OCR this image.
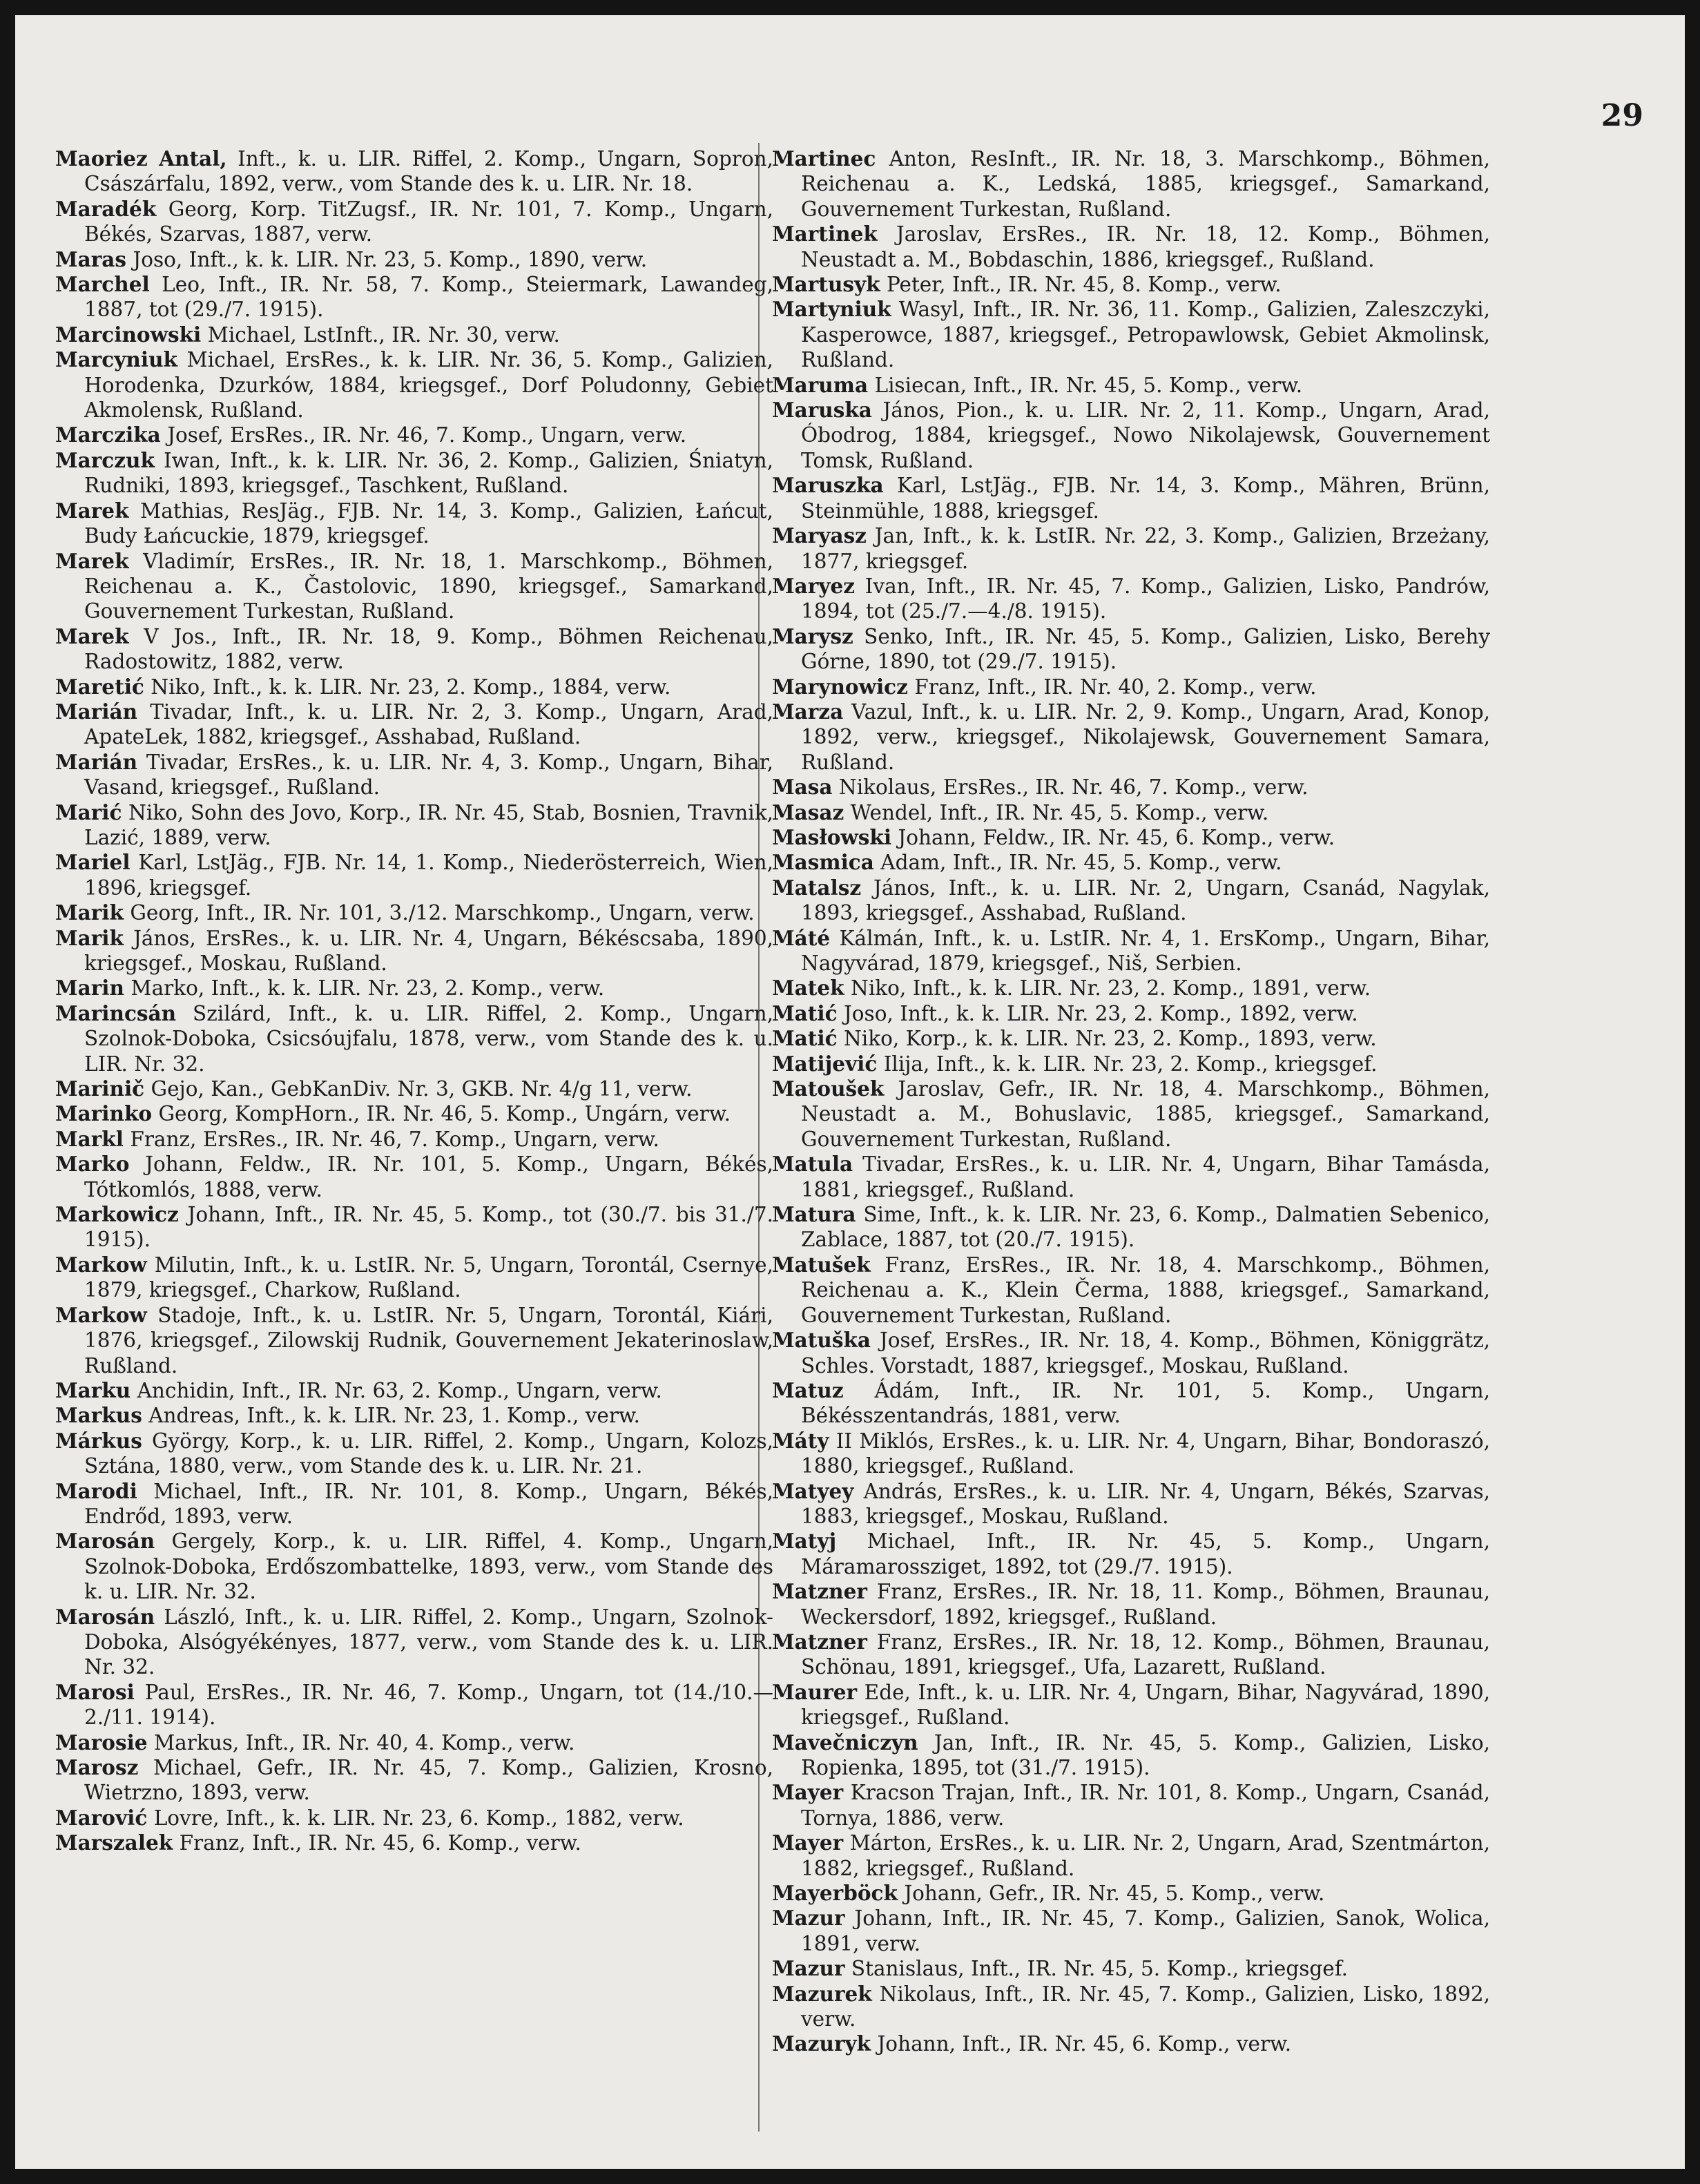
29

Maoriez Antal, Inft., k. u. LIR. Riffel, 2. Komp., Ungarn, Sopron, Császárfalu, 1892, verw., vom Stande des k. u. LIR. Nr. 18.

Maradék Georg, Korp. TitZugsf., IR. Nr. 101, 7. Komp., Ungarn, Békés, Szarvas, 1887, verw.

Maras Joso, Inft., k. k. LIR. Nr. 23, 5. Komp., 1890, verw.

Marchel Leo, Inft., IR. Nr. 58, 7. Komp., Steiermark, Lawandeg, 1887, tot (29./7. 1915).

Marcinowski Michael, LstInft., IR. Nr. 30, verw.

Marcyniuk Michael, ErsRes., k. k. LIR. Nr. 36, 5. Komp., Galizien, Horodenka, Dzurków, 1884, kriegsgef., Dorf Poludonny, Gebiet Akmolensk, Rußland.

Marczika Josef, ErsRes., IR. Nr. 46, 7. Komp., Ungarn, verw.

Marczuk Iwan, Inft., k. k. LIR. Nr. 36, 2. Komp., Galizien, Śniatyn, Rudniki, 1893, kriegsgef., Taschkent, Rußland.

Marek Mathias, ResJäg., FJB. Nr. 14, 3. Komp., Galizien, Łańcut, Budy Łańcuckie, 1879, kriegsgef.

Marek Vladimír, ErsRes., IR. Nr. 18, 1. Marschkomp., Böhmen, Reichenau a. K., Častolovic, 1890, kriegsgef., Samarkand, Gouvernement Turkestan, Rußland.

Marek V Jos., Inft., IR. Nr. 18, 9. Komp., Böhmen Reichenau, Radostowitz, 1882, verw.

Maretić Niko, Inft., k. k. LIR. Nr. 23, 2. Komp., 1884, verw.

Marián Tivadar, Inft., k. u. LIR. Nr. 2, 3. Komp., Ungarn, Arad, ApateLek, 1882, kriegsgef., Asshabad, Rußland.

Marián Tivadar, ErsRes., k. u. LIR. Nr. 4, 3. Komp., Ungarn, Bihar, Vasand, kriegsgef., Rußland.

Marić Niko, Sohn des Jovo, Korp., IR. Nr. 45, Stab, Bosnien, Travnik, Lazić, 1889, verw.

Mariel Karl, LstJäg., FJB. Nr. 14, 1. Komp., Niederösterreich, Wien, 1896, kriegsgef.

Marik Georg, Inft., IR. Nr. 101, 3./12. Marschkomp., Ungarn, verw.

Marik János, ErsRes., k. u. LIR. Nr. 4, Ungarn, Békéscsaba, 1890, kriegsgef., Moskau, Rußland.

Marin Marko, Inft., k. k. LIR. Nr. 23, 2. Komp., verw.

Marincsán Szilárd, Inft., k. u. LIR. Riffel, 2. Komp., Ungarn, Szolnok-Doboka, Csicsóujfalu, 1878, verw., vom Stande des k. u. LIR. Nr. 32.

Marinič Gejo, Kan., GebKanDiv. Nr. 3, GKB. Nr. 4/g 11, verw.

Marinko Georg, KompHorn., IR. Nr. 46, 5. Komp., Ungárn, verw.

Markl Franz, ErsRes., IR. Nr. 46, 7. Komp., Ungarn, verw.

Marko Johann, Feldw., IR. Nr. 101, 5. Komp., Ungarn, Békés, Tótkomlós, 1888, verw.

Markowicz Johann, Inft., IR. Nr. 45, 5. Komp., tot (30./7. bis 31./7. 1915).

Markow Milutin, Inft., k. u. LstIR. Nr. 5, Ungarn, Torontál, Csernye, 1879, kriegsgef., Charkow, Rußland.

Markow Stadoje, Inft., k. u. LstIR. Nr. 5, Ungarn, Torontál, Kiári, 1876, kriegsgef., Zilowskij Rudnik, Gouvernement Jekaterinoslaw, Rußland.

Marku Anchidin, Inft., IR. Nr. 63, 2. Komp., Ungarn, verw.

Markus Andreas, Inft., k. k. LIR. Nr. 23, 1. Komp., verw.

Márkus György, Korp., k. u. LIR. Riffel, 2. Komp., Ungarn, Kolozs, Sztána, 1880, verw., vom Stande des k. u. LIR. Nr. 21.

Marodi Michael, Inft., IR. Nr. 101, 8. Komp., Ungarn, Békés, Endrőd, 1893, verw.

Marosán Gergely, Korp., k. u. LIR. Riffel, 4. Komp., Ungarn, Szolnok-Doboka, Erdőszombattelke, 1893, verw., vom Stande des k. u. LIR. Nr. 32.

Marosán László, Inft., k. u. LIR. Riffel, 2. Komp., Ungarn, Szolnok-Doboka, Alsógyékényes, 1877, verw., vom Stande des k. u. LIR. Nr. 32.

Marosi Paul, ErsRes., IR. Nr. 46, 7. Komp., Ungarn, tot (14./10.—2./11. 1914).

Marosie Markus, Inft., IR. Nr. 40, 4. Komp., verw.

Marosz Michael, Gefr., IR. Nr. 45, 7. Komp., Galizien, Krosno, Wietrzno, 1893, verw.

Marović Lovre, Inft., k. k. LIR. Nr. 23, 6. Komp., 1882, verw.

Marszalek Franz, Inft., IR. Nr. 45, 6. Komp., verw.

Martinec Anton, ResInft., IR. Nr. 18, 3. Marschkomp., Böhmen, Reichenau a. K., Ledská, 1885, kriegsgef., Samarkand, Gouvernement Turkestan, Rußland.

Martinek Jaroslav, ErsRes., IR. Nr. 18, 12. Komp., Böhmen, Neustadt a. M., Bobdaschin, 1886, kriegsgef., Rußland.

Martusyk Peter, Inft., IR. Nr. 45, 8. Komp., verw.

Martyniuk Wasyl, Inft., IR. Nr. 36, 11. Komp., Galizien, Zaleszczyki, Kasperowce, 1887, kriegsgef., Petropawlowsk, Gebiet Akmolinsk, Rußland.

Maruma Lisiecan, Inft., IR. Nr. 45, 5. Komp., verw.

Maruska János, Pion., k. u. LIR. Nr. 2, 11. Komp., Ungarn, Arad, Óbodrog, 1884, kriegsgef., Nowo Nikolajewsk, Gouvernement Tomsk, Rußland.

Maruszka Karl, LstJäg., FJB. Nr. 14, 3. Komp., Mähren, Brünn, Steinmühle, 1888, kriegsgef.

Maryasz Jan, Inft., k. k. LstIR. Nr. 22, 3. Komp., Galizien, Brzeżany, 1877, kriegsgef.

Maryez Ivan, Inft., IR. Nr. 45, 7. Komp., Galizien, Lisko, Pandrów, 1894, tot (25./7.—4./8. 1915).

Marysz Senko, Inft., IR. Nr. 45, 5. Komp., Galizien, Lisko, Berehy Górne, 1890, tot (29./7. 1915).

Marynowicz Franz, Inft., IR. Nr. 40, 2. Komp., verw.

Marza Vazul, Inft., k. u. LIR. Nr. 2, 9. Komp., Ungarn, Arad, Konop, 1892, verw., kriegsgef., Nikolajewsk, Gouvernement Samara, Rußland.

Masa Nikolaus, ErsRes., IR. Nr. 46, 7. Komp., verw.

Masaz Wendel, Inft., IR. Nr. 45, 5. Komp., verw.

Masłowski Johann, Feldw., IR. Nr. 45, 6. Komp., verw.

Masmica Adam, Inft., IR. Nr. 45, 5. Komp., verw.

Matalsz János, Inft., k. u. LIR. Nr. 2, Ungarn, Csanád, Nagylak, 1893, kriegsgef., Asshabad, Rußland.

Máté Kálmán, Inft., k. u. LstIR. Nr. 4, 1. ErsKomp., Ungarn, Bihar, Nagyvárad, 1879, kriegsgef., Niš, Serbien.

Matek Niko, Inft., k. k. LIR. Nr. 23, 2. Komp., 1891, verw.

Matić Joso, Inft., k. k. LIR. Nr. 23, 2. Komp., 1892, verw.

Matić Niko, Korp., k. k. LIR. Nr. 23, 2. Komp., 1893, verw.

Matijević Ilija, Inft., k. k. LIR. Nr. 23, 2. Komp., kriegsgef.

Matoušek Jaroslav, Gefr., IR. Nr. 18, 4. Marschkomp., Böhmen, Neustadt a. M., Bohuslavic, 1885, kriegsgef., Samarkand, Gouvernement Turkestan, Rußland.

Matula Tivadar, ErsRes., k. u. LIR. Nr. 4, Ungarn, Bihar Tamásda, 1881, kriegsgef., Rußland.

Matura Sime, Inft., k. k. LIR. Nr. 23, 6. Komp., Dalmatien Sebenico, Zablace, 1887, tot (20./7. 1915).

Matušek Franz, ErsRes., IR. Nr. 18, 4. Marschkomp., Böhmen, Reichenau a. K., Klein Čerma, 1888, kriegsgef., Samarkand, Gouvernement Turkestan, Rußland.

Matuška Josef, ErsRes., IR. Nr. 18, 4. Komp., Böhmen, Königgrätz, Schles. Vorstadt, 1887, kriegsgef., Moskau, Rußland.

Matuz Ádám, Inft., IR. Nr. 101, 5. Komp., Ungarn, Békésszentandrás, 1881, verw.

Máty II Miklós, ErsRes., k. u. LIR. Nr. 4, Ungarn, Bihar, Bondoraszó, 1880, kriegsgef., Rußland.

Matyey András, ErsRes., k. u. LIR. Nr. 4, Ungarn, Békés, Szarvas, 1883, kriegsgef., Moskau, Rußland.

Matyj Michael, Inft., IR. Nr. 45, 5. Komp., Ungarn, Máramarossziget, 1892, tot (29./7. 1915).

Matzner Franz, ErsRes., IR. Nr. 18, 11. Komp., Böhmen, Braunau, Weckersdorf, 1892, kriegsgef., Rußland.

Matzner Franz, ErsRes., IR. Nr. 18, 12. Komp., Böhmen, Braunau, Schönau, 1891, kriegsgef., Ufa, Lazarett, Rußland.

Maurer Ede, Inft., k. u. LIR. Nr. 4, Ungarn, Bihar, Nagyvárad, 1890, kriegsgef., Rußland.

Mavečniczyn Jan, Inft., IR. Nr. 45, 5. Komp., Galizien, Lisko, Ropienka, 1895, tot (31./7. 1915).

Mayer Kracson Trajan, Inft., IR. Nr. 101, 8. Komp., Ungarn, Csanád, Tornya, 1886, verw.

Mayer Márton, ErsRes., k. u. LIR. Nr. 2, Ungarn, Arad, Szentmárton, 1882, kriegsgef., Rußland.

Mayerböck Johann, Gefr., IR. Nr. 45, 5. Komp., verw.

Mazur Johann, Inft., IR. Nr. 45, 7. Komp., Galizien, Sanok, Wolica, 1891, verw.

Mazur Stanislaus, Inft., IR. Nr. 45, 5. Komp., kriegsgef.

Mazurek Nikolaus, Inft., IR. Nr. 45, 7. Komp., Galizien, Lisko, 1892, verw.

Mazuryk Johann, Inft., IR. Nr. 45, 6. Komp., verw.
